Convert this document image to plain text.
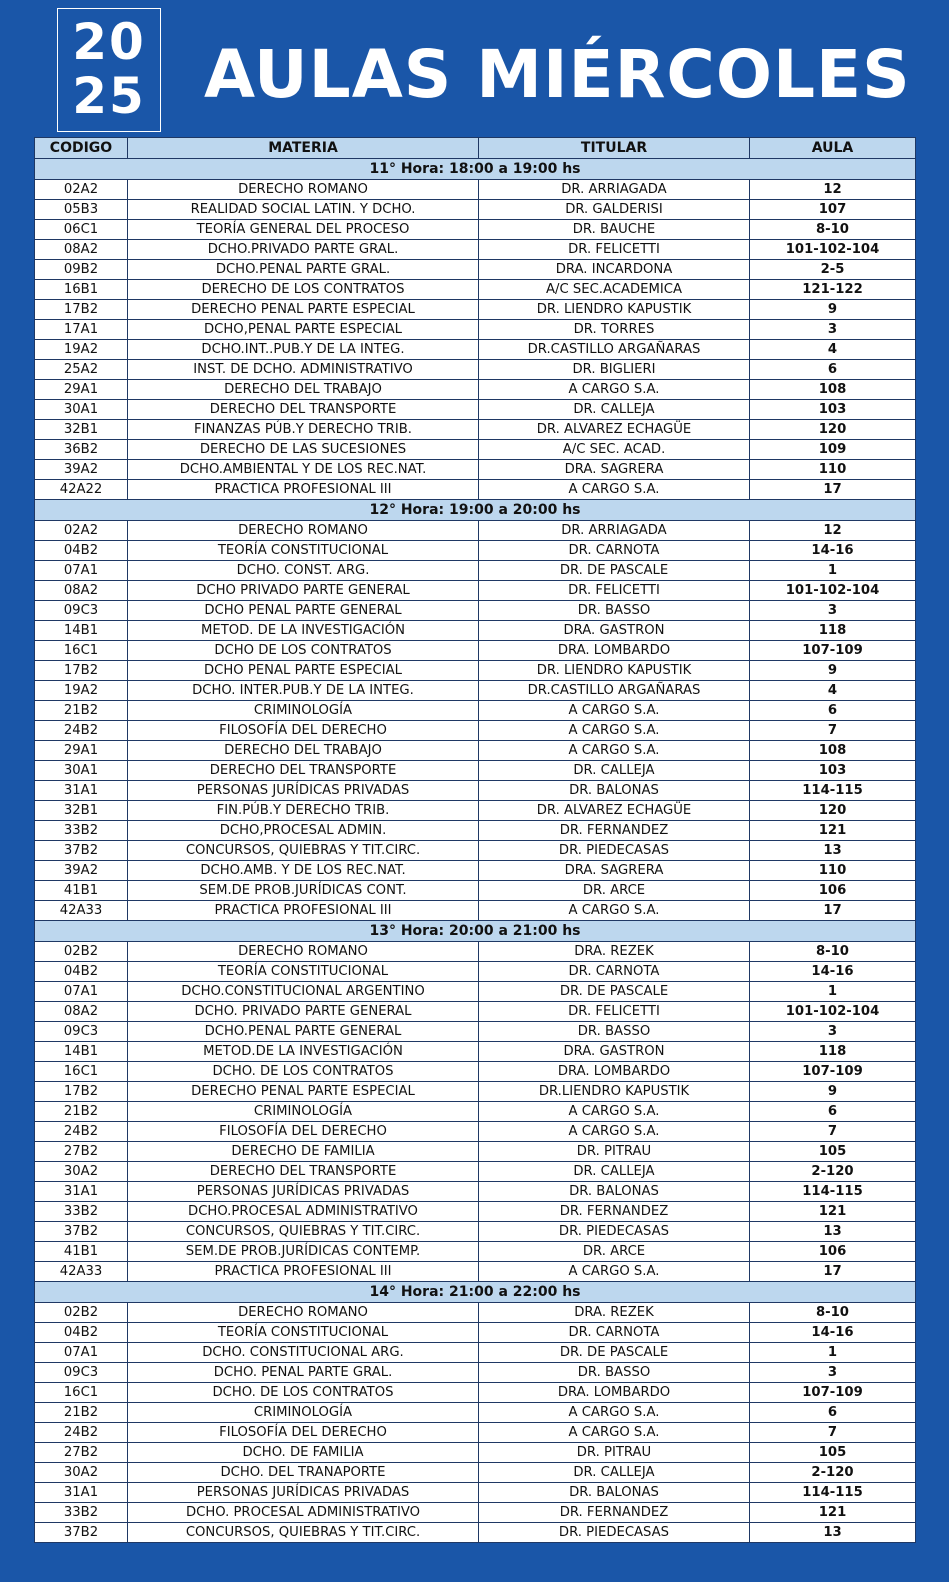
20
25 AULAS MIÉRCOLES
CODIGO	MATERIA	TITULAR	AULA
11° Hora: 18:00 a 19:00 hs			
02A2	DERECHO ROMANO	DR. ARRIAGADA	12
05B3	REALIDAD SOCIAL LATIN. Y DCHO.	DR. GALDERISI	107
06C1	TEORÍA GENERAL DEL PROCESO	DR. BAUCHE	8-10
08A2	DCHO.PRIVADO PARTE GRAL.	DR. FELICETTI	101-102-104
09B2	DCHO.PENAL PARTE GRAL.	DRA. INCARDONA	2-5
16B1	DERECHO DE LOS CONTRATOS	A/C SEC.ACADEMICA	121-122
17B2	DERECHO PENAL PARTE ESPECIAL	DR. LIENDRO KAPUSTIK	9
17A1	DCHO,PENAL PARTE ESPECIAL	DR. TORRES	3
19A2	DCHO.INT..PUB.Y DE LA INTEG.	DR.CASTILLO ARGAÑARAS	4
25A2	INST. DE DCHO. ADMINISTRATIVO	DR. BIGLIERI	6
29A1	DERECHO DEL TRABAJO	A CARGO S.A.	108
30A1	DERECHO DEL TRANSPORTE	DR. CALLEJA	103
32B1	FINANZAS PÚB.Y DERECHO TRIB.	DR. ALVAREZ ECHAGÜE	120
36B2	DERECHO DE LAS SUCESIONES	A/C SEC. ACAD.	109
39A2	DCHO.AMBIENTAL Y DE LOS REC.NAT.	DRA. SAGRERA	110
42A22	PRACTICA PROFESIONAL III	A CARGO S.A.	17
12° Hora: 19:00 a 20:00 hs			
02A2	DERECHO ROMANO	DR. ARRIAGADA	12
04B2	TEORÍA CONSTITUCIONAL	DR. CARNOTA	14-16
07A1	DCHO. CONST. ARG.	DR. DE PASCALE	1
08A2	DCHO PRIVADO PARTE GENERAL	DR. FELICETTI	101-102-104
09C3	DCHO PENAL PARTE GENERAL	DR. BASSO	3
14B1	METOD. DE LA INVESTIGACIÓN	DRA. GASTRON	118
16C1	DCHO DE LOS CONTRATOS	DRA. LOMBARDO	107-109
17B2	DCHO PENAL PARTE ESPECIAL	DR. LIENDRO KAPUSTIK	9
19A2	DCHO. INTER.PUB.Y DE LA INTEG.	DR.CASTILLO ARGAÑARAS	4
21B2	CRIMINOLOGÍA	A CARGO S.A.	6
24B2	FILOSOFÍA DEL DERECHO	A CARGO S.A.	7
29A1	DERECHO DEL TRABAJO	A CARGO S.A.	108
30A1	DERECHO DEL TRANSPORTE	DR. CALLEJA	103
31A1	PERSONAS JURÍDICAS PRIVADAS	DR. BALONAS	114-115
32B1	FIN.PÚB.Y DERECHO TRIB.	DR. ALVAREZ ECHAGÜE	120
33B2	DCHO,PROCESAL ADMIN.	DR. FERNANDEZ	121
37B2	CONCURSOS, QUIEBRAS Y TIT.CIRC.	DR. PIEDECASAS	13
39A2	DCHO.AMB. Y DE LOS REC.NAT.	DRA. SAGRERA	110
41B1	SEM.DE PROB.JURÍDICAS CONT.	DR. ARCE	106
42A33	PRACTICA PROFESIONAL III	A CARGO S.A.	17
13° Hora: 20:00 a 21:00 hs			
02B2	DERECHO ROMANO	DRA. REZEK	8-10
04B2	TEORÍA CONSTITUCIONAL	DR. CARNOTA	14-16
07A1	DCHO.CONSTITUCIONAL ARGENTINO	DR. DE PASCALE	1
08A2	DCHO. PRIVADO PARTE GENERAL	DR. FELICETTI	101-102-104
09C3	DCHO.PENAL PARTE GENERAL	DR. BASSO	3
14B1	METOD.DE LA INVESTIGACIÓN	DRA. GASTRON	118
16C1	DCHO. DE LOS CONTRATOS	DRA. LOMBARDO	107-109
17B2	DERECHO PENAL PARTE ESPECIAL	DR.LIENDRO KAPUSTIK	9
21B2	CRIMINOLOGÍA	A CARGO S.A.	6
24B2	FILOSOFÍA DEL DERECHO	A CARGO S.A.	7
27B2	DERECHO DE FAMILIA	DR. PITRAU	105
30A2	DERECHO DEL TRANSPORTE	DR. CALLEJA	2-120
31A1	PERSONAS JURÍDICAS PRIVADAS	DR. BALONAS	114-115
33B2	DCHO.PROCESAL ADMINISTRATIVO	DR. FERNANDEZ	121
37B2	CONCURSOS, QUIEBRAS Y TIT.CIRC.	DR. PIEDECASAS	13
41B1	SEM.DE PROB.JURÍDICAS CONTEMP.	DR. ARCE	106
42A33	PRACTICA PROFESIONAL III	A CARGO S.A.	17
14° Hora: 21:00 a 22:00 hs			
02B2	DERECHO ROMANO	DRA. REZEK	8-10
04B2	TEORÍA CONSTITUCIONAL	DR. CARNOTA	14-16
07A1	DCHO. CONSTITUCIONAL ARG.	DR. DE PASCALE	1
09C3	DCHO. PENAL PARTE GRAL.	DR. BASSO	3
16C1	DCHO. DE LOS CONTRATOS	DRA. LOMBARDO	107-109
21B2	CRIMINOLOGÍA	A CARGO S.A.	6
24B2	FILOSOFÍA DEL DERECHO	A CARGO S.A.	7
27B2	DCHO. DE FAMILIA	DR. PITRAU	105
30A2	DCHO. DEL TRANAPORTE	DR. CALLEJA	2-120
31A1	PERSONAS JURÍDICAS PRIVADAS	DR. BALONAS	114-115
33B2	DCHO. PROCESAL ADMINISTRATIVO	DR. FERNANDEZ	121
37B2	CONCURSOS, QUIEBRAS Y TIT.CIRC.	DR. PIEDECASAS	13
